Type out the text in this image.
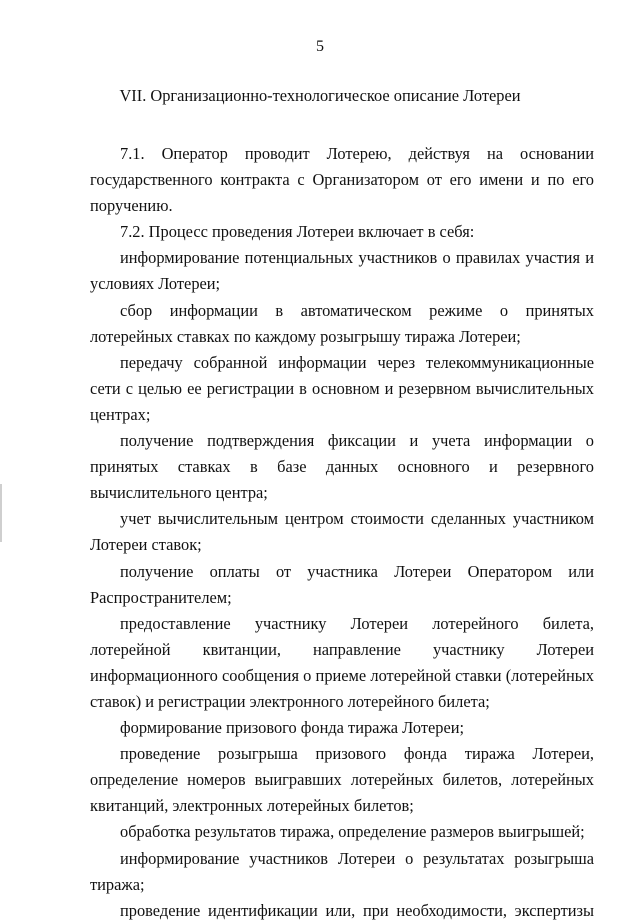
5
VII. Организационно-технологическое описание Лотереи

7.1. Оператор проводит Лотерею, действуя на основании государственного контракта с Организатором от его имени и по его поручению.

7.2. Процесс проведения Лотереи включает в себя:

информирование потенциальных участников о правилах участия и условиях Лотереи;

сбор информации в автоматическом режиме о принятых лотерейных ставках по каждому розыгрышу тиража Лотереи;

передачу собранной информации через телекоммуникационные сети с целью ее регистрации в основном и резервном вычислительных центрах;

получение подтверждения фиксации и учета информации о принятых ставках в базе данных основного и резервного вычислительного центра;

учет вычислительным центром стоимости сделанных участником Лотереи ставок;

получение оплаты от участника Лотереи Оператором или Распространителем;

предоставление участнику Лотереи лотерейного билета, лотерейной квитанции, направление участнику Лотереи информационного сообщения о приеме лотерейной ставки (лотерейных ставок) и регистрации электронного лотерейного билета;

формирование призового фонда тиража Лотереи;

проведение розыгрыша призового фонда тиража Лотереи, определение номеров выигравших лотерейных билетов, лотерейных квитанций, электронных лотерейных билетов;

обработка результатов тиража, определение размеров выигрышей;

информирование участников Лотереи о результатах розыгрыша тиража;

проведение идентификации или, при необходимости, экспертизы
